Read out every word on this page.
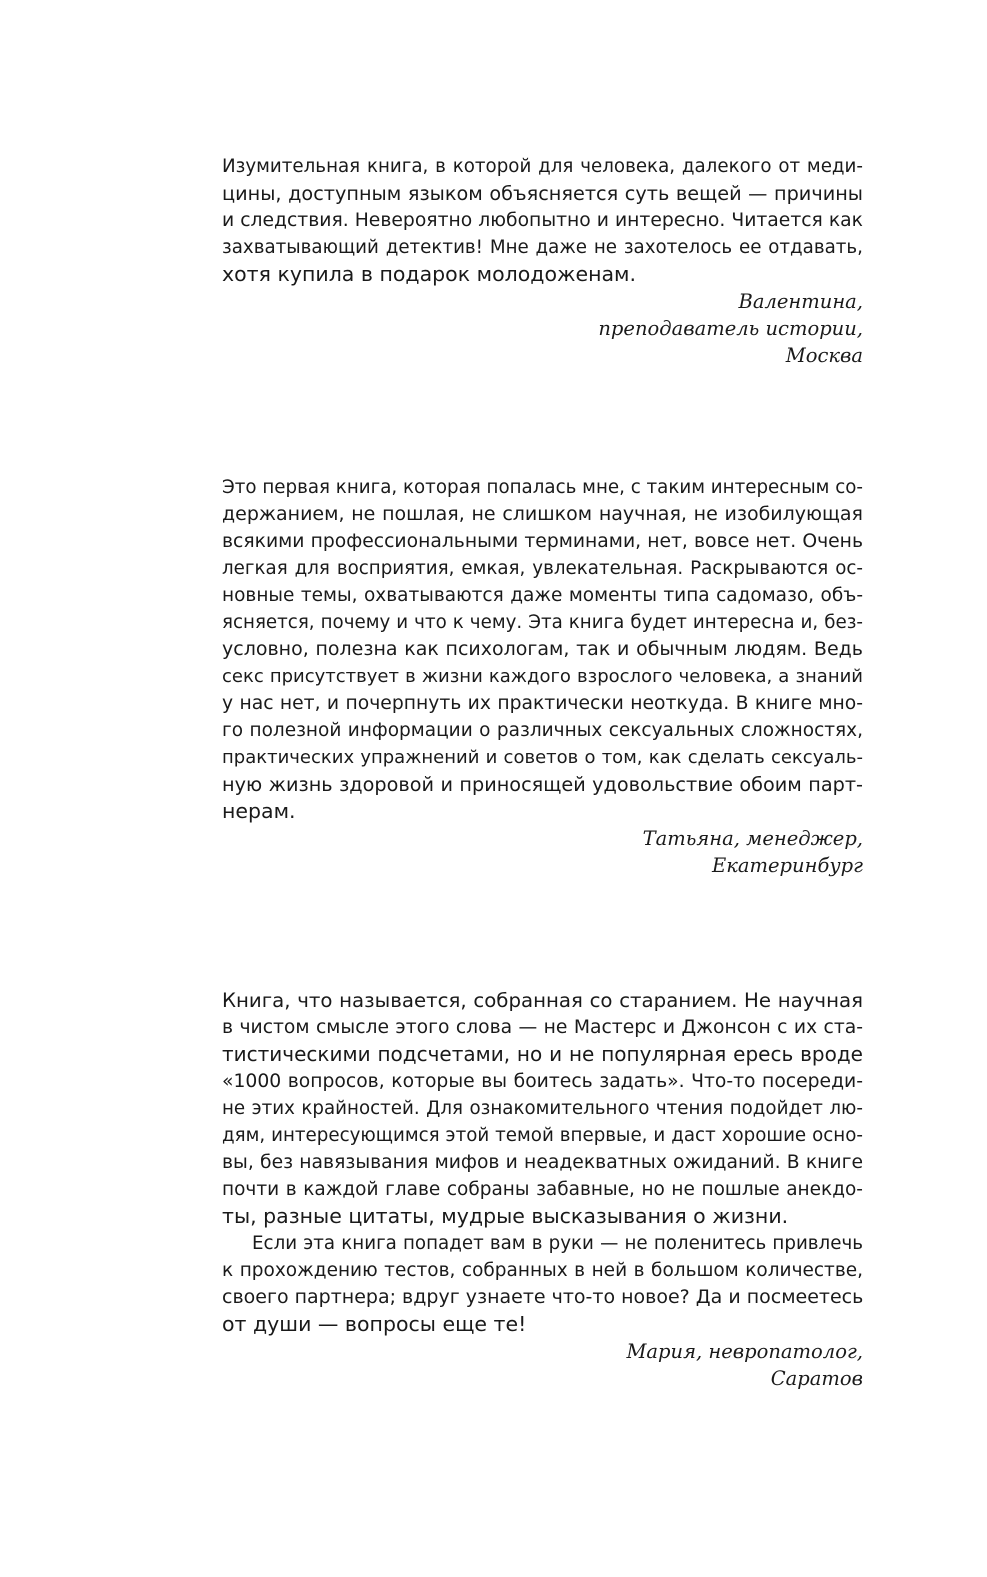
Изумительная книга, в которой для человека, далекого от меди-
цины, доступным языком объясняется суть вещей — причины
и следствия. Невероятно любопытно и интересно. Читается как
захватывающий детектив! Мне даже не захотелось ее отдавать,
хотя купила в подарок молодоженам.
Валентина,
преподаватель истории,
Москва
Это первая книга, которая попалась мне, с таким интересным со-
держанием, не пошлая, не слишком научная, не изобилующая
всякими профессиональными терминами, нет, вовсе нет. Очень
легкая для восприятия, емкая, увлекательная. Раскрываются ос-
новные темы, охватываются даже моменты типа садомазо, объ-
ясняется, почему и что к чему. Эта книга будет интересна и, без-
условно, полезна как психологам, так и обычным людям. Ведь
секс присутствует в жизни каждого взрослого человека, а знаний
у нас нет, и почерпнуть их практически неоткуда. В книге мно-
го полезной информации о различных сексуальных сложностях,
практических упражнений и советов о том, как сделать сексуаль-
ную жизнь здоровой и приносящей удовольствие обоим парт-
нерам.
Татьяна, менеджер,
Екатеринбург
Книга, что называется, собранная со старанием. Не научная
в чистом смысле этого слова — не Мастерс и Джонсон с их ста-
тистическими подсчетами, но и не популярная ересь вроде
«1000 вопросов, которые вы боитесь задать». Что-то посереди-
не этих крайностей. Для ознакомительного чтения подойдет лю-
дям, интересующимся этой темой впервые, и даст хорошие осно-
вы, без навязывания мифов и неадекватных ожиданий. В книге
почти в каждой главе собраны забавные, но не пошлые анекдо-
ты, разные цитаты, мудрые высказывания о жизни.
Если эта книга попадет вам в руки — не поленитесь привлечь
к прохождению тестов, собранных в ней в большом количестве,
своего партнера; вдруг узнаете что-то новое? Да и посмеетесь
от души — вопросы еще те!
Мария, невропатолог,
Саратов
